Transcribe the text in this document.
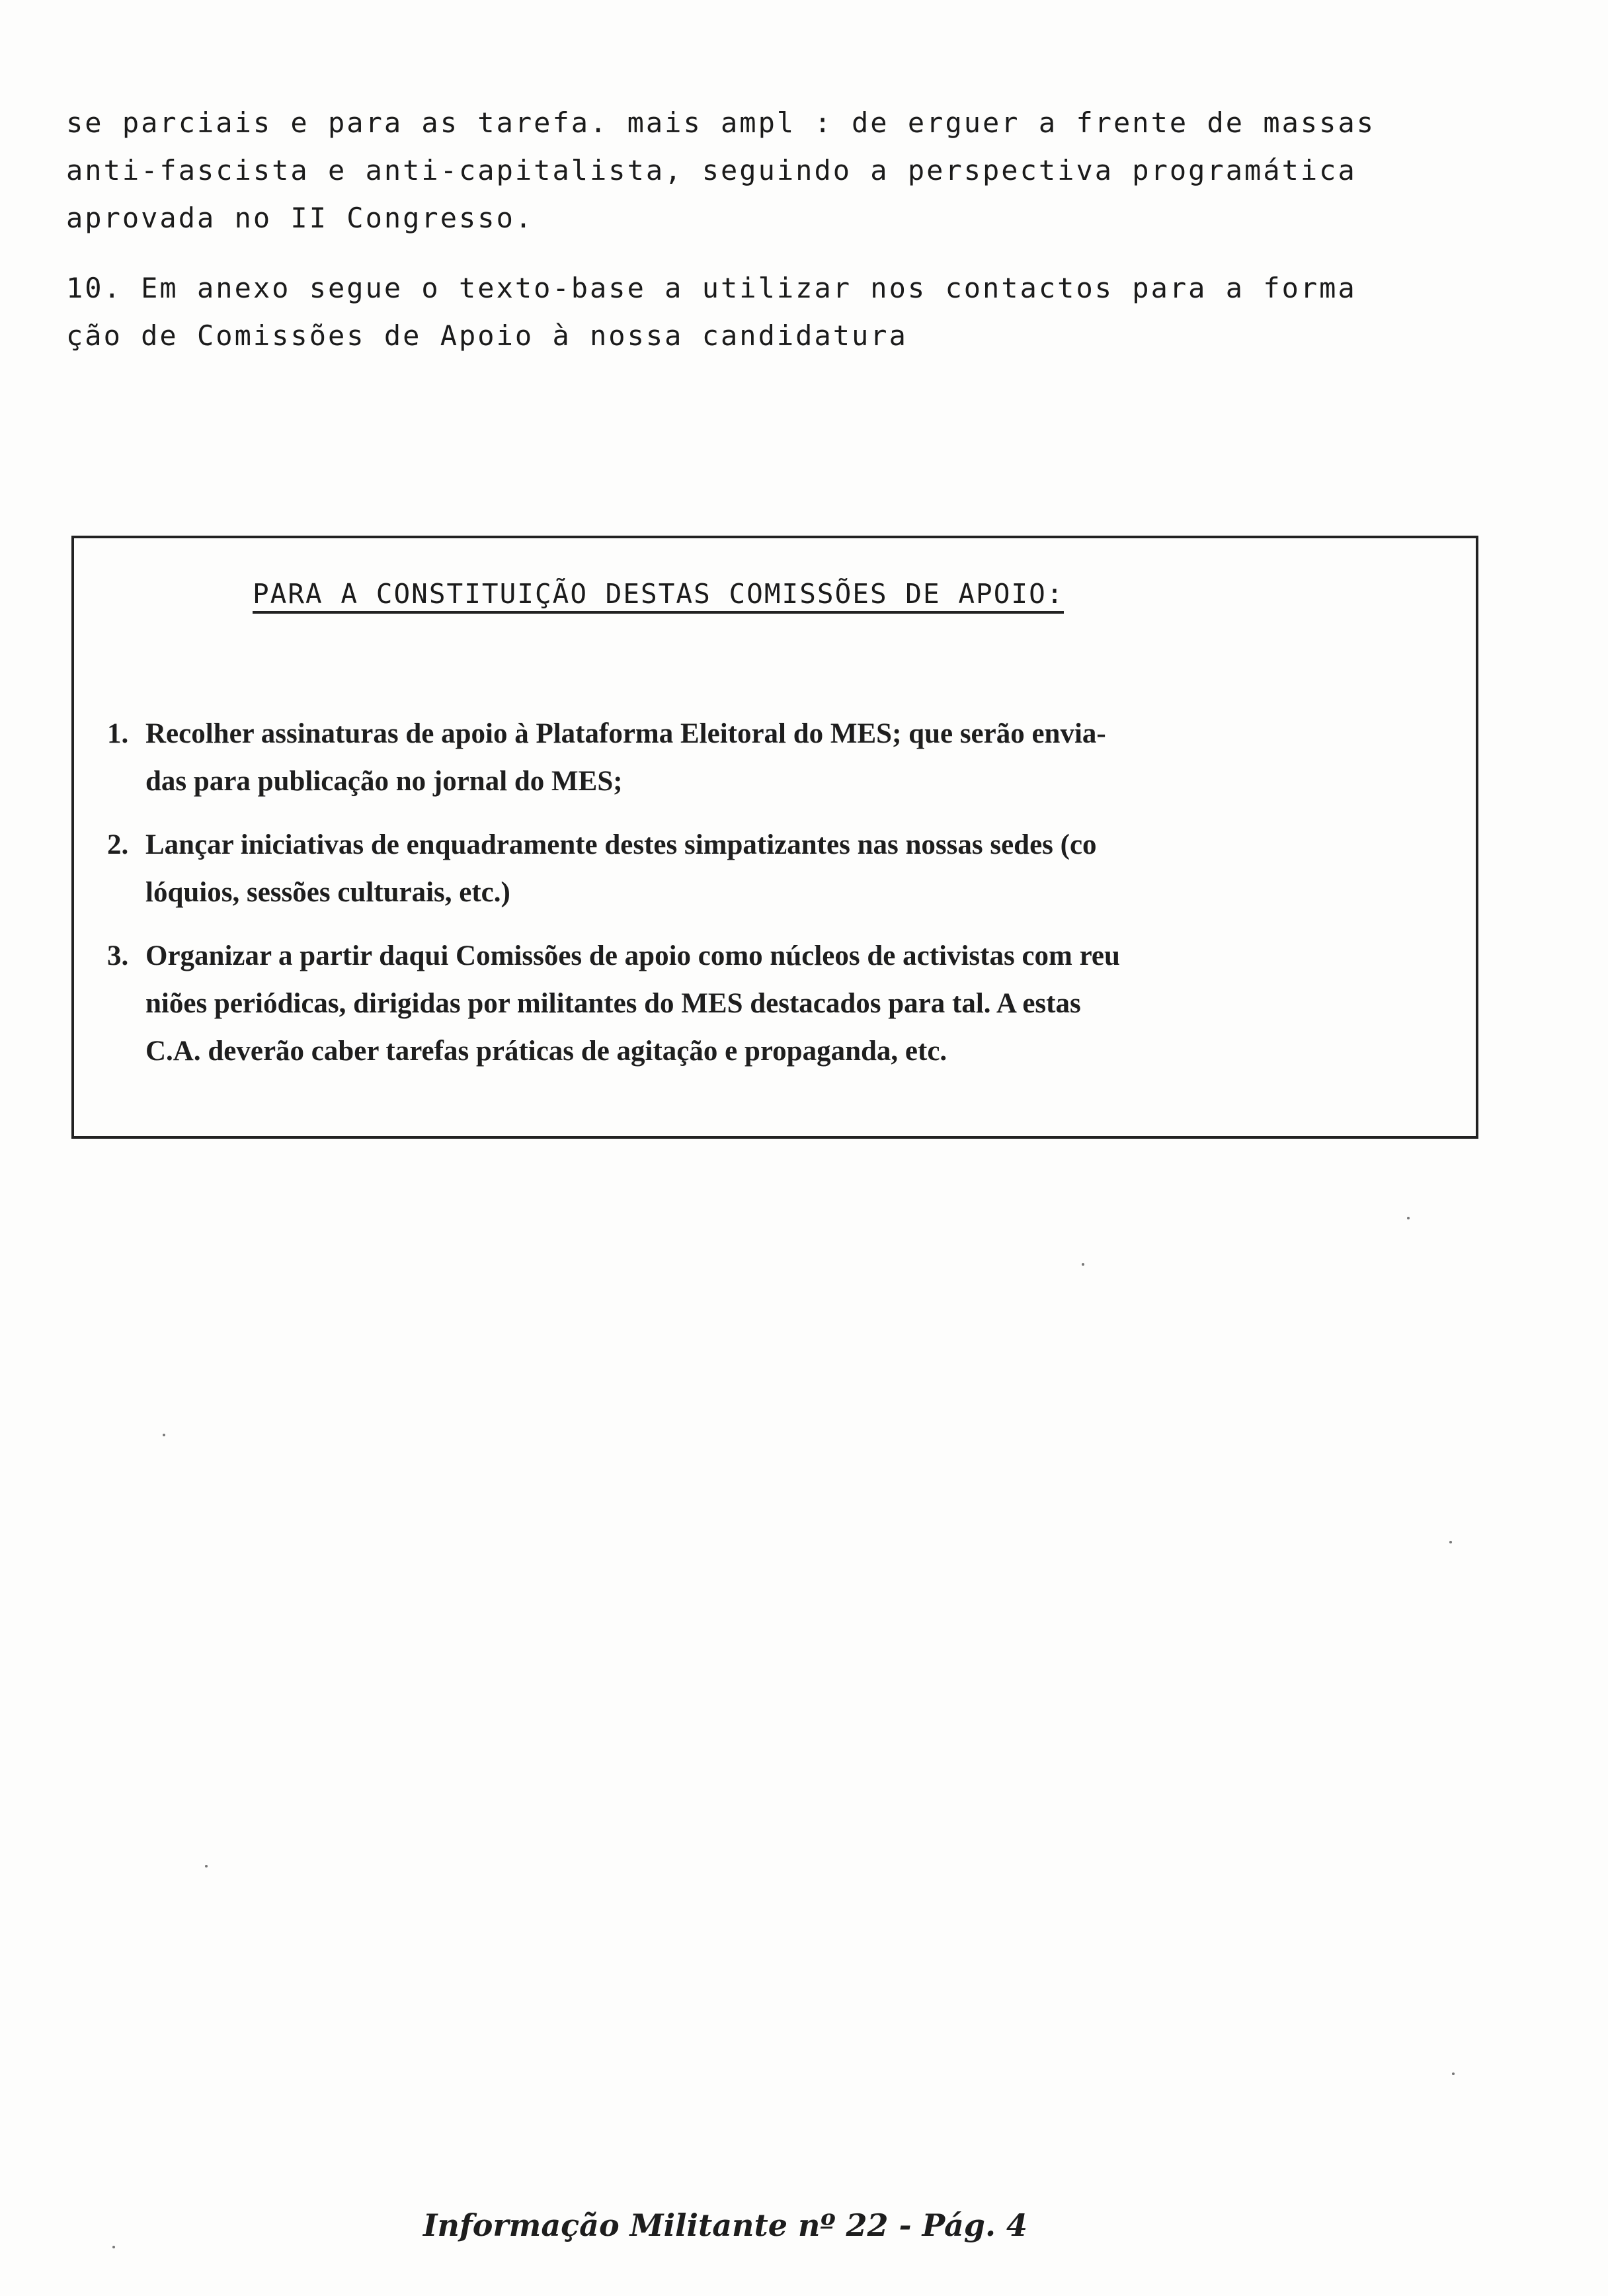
se parciais e para as tarefa. mais ampl : de erguer a frente de massas
anti-fascista e anti-capitalista, seguindo a perspectiva programática
aprovada no II Congresso.
10. Em anexo segue o texto-base a utilizar nos contactos para a forma
ção de Comissões de Apoio à nossa candidatura
PARA A CONSTITUIÇÃO DESTAS COMISSÕES DE APOIO:
1. Recolher assinaturas de apoio à Plataforma Eleitoral do MES; que serão envia-
das para publicação no jornal do MES;
2. Lançar iniciativas de enquadramente destes simpatizantes nas nossas sedes (co
lóquios, sessões culturais, etc.)
3. Organizar a partir daqui Comissões de apoio como núcleos de activistas com reu
niões periódicas, dirigidas por militantes do MES destacados para tal. A estas
C.A. deverão caber tarefas práticas de agitação e propaganda, etc.
Informação Militante nº 22 - Pág. 4
